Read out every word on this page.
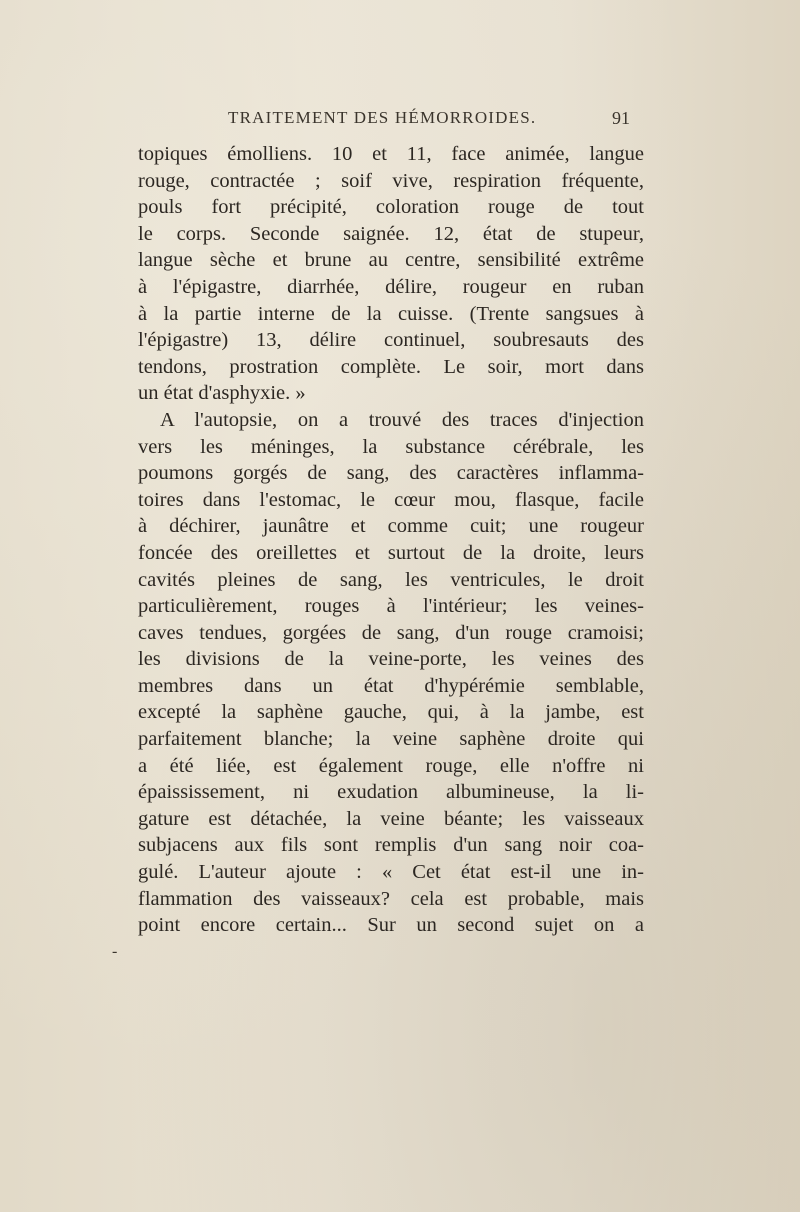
TRAITEMENT DES HÉMORROIDES.	91
topiques émolliens. 10 et 11, face animée, langue
rouge, contractée ; soif vive, respiration fréquente,
pouls fort précipité, coloration rouge de tout
le corps. Seconde saignée. 12, état de stupeur,
langue sèche et brune au centre, sensibilité extrême
à l'épigastre, diarrhée, délire, rougeur en ruban
à la partie interne de la cuisse. (Trente sangsues à
l'épigastre) 13, délire continuel, soubresauts des
tendons, prostration complète. Le soir, mort dans
un état d'asphyxie. »
A l'autopsie, on a trouvé des traces d'injection
vers les méninges, la substance cérébrale, les
poumons gorgés de sang, des caractères inflamma-
toires dans l'estomac, le cœur mou, flasque, facile
à déchirer, jaunâtre et comme cuit; une rougeur
foncée des oreillettes et surtout de la droite, leurs
cavités pleines de sang, les ventricules, le droit
particulièrement, rouges à l'intérieur; les veines-
caves tendues, gorgées de sang, d'un rouge cramoisi;
les divisions de la veine-porte, les veines des
membres dans un état d'hypérémie semblable,
excepté la saphène gauche, qui, à la jambe, est
parfaitement blanche; la veine saphène droite qui
a été liée, est également rouge, elle n'offre ni
épaississement, ni exudation albumineuse, la li-
gature est détachée, la veine béante; les vaisseaux
subjacens aux fils sont remplis d'un sang noir coa-
gulé. L'auteur ajoute : « Cet état est-il une in-
flammation des vaisseaux? cela est probable, mais
point encore certain... Sur un second sujet on a
-
